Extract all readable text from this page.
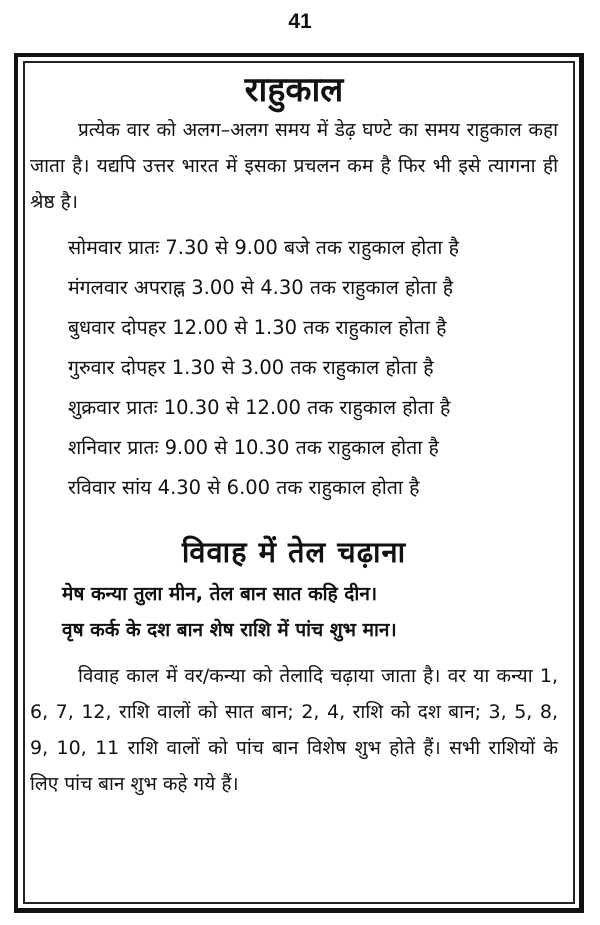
41
राहुकाल

प्रत्येक वार को अलग–अलग समय में डेढ़ घण्टे का समय राहुकाल कहा जाता है। यद्यपि उत्तर भारत में इसका प्रचलन कम है फिर भी इसे त्यागना ही श्रेष्ठ है।

सोमवार प्रातः 7.30 से 9.00 बजे तक राहुकाल होता है
मंगलवार अपराह्न 3.00 से 4.30 तक राहुकाल होता है
बुधवार दोपहर 12.00 से 1.30 तक राहुकाल होता है
गुरुवार दोपहर 1.30 से 3.00 तक राहुकाल होता है
शुक्रवार प्रातः 10.30 से 12.00 तक राहुकाल होता है
शनिवार प्रातः 9.00 से 10.30 तक राहुकाल होता है
रविवार सांय 4.30 से 6.00 तक राहुकाल होता है
विवाह में तेल चढ़ाना

मेष कन्या तुला मीन, तेल बान सात कहि दीन।

वृष कर्क के दश बान शेष राशि में पांच शुभ मान।

विवाह काल में वर/कन्या को तेलादि चढ़ाया जाता है। वर या कन्या 1, 6, 7, 12, राशि वालों को सात बान; 2, 4, राशि को दश बान; 3, 5, 8, 9, 10, 11 राशि वालों को पांच बान विशेष शुभ होते हैं। सभी राशियों के लिए पांच बान शुभ कहे गये हैं।
